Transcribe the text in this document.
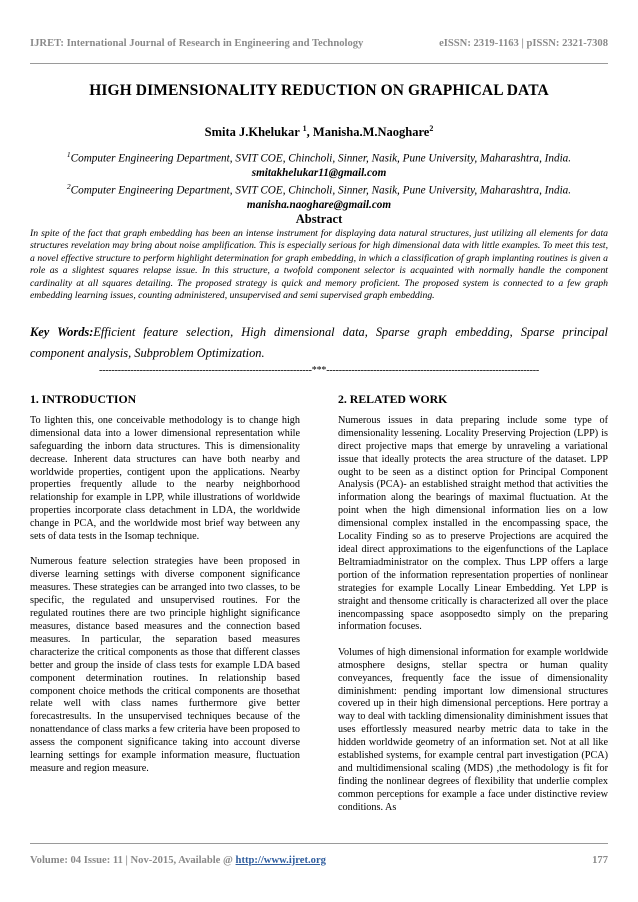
IJRET: International Journal of Research in Engineering and Technology	eISSN: 2319-1163 | pISSN: 2321-7308
HIGH DIMENSIONALITY REDUCTION ON GRAPHICAL DATA
Smita J.Khelukar $^1$, Manisha.M.Naoghare$^2$
$^1$Computer Engineering Department, SVIT COE, Chincholi, Sinner, Nasik, Pune University, Maharashtra, India.
smitakhelukar11@gmail.com
$^2$Computer Engineering Department, SVIT COE, Chincholi, Sinner, Nasik, Pune University, Maharashtra, India.
manisha.naoghare@gmail.com
Abstract
In spite of the fact that graph embedding has been an intense instrument for displaying data natural structures, just utilizing all elements for data structures revelation may bring about noise amplification. This is especially serious for high dimensional data with little examples. To meet this test, a novel effective structure to perform highlight determination for graph embedding, in which a classification of graph implanting routines is given a role as a slightest squares relapse issue. In this structure, a twofold component selector is acquainted with normally handle the component cardinality at all squares detailing. The proposed strategy is quick and memory proficient. The proposed system is connected to a few graph embedding learning issues, counting administered, unsupervised and semi supervised graph embedding.
Key Words:Efficient feature selection, High dimensional data, Sparse graph embedding, Sparse principal component analysis, Subproblem Optimization.
--------------------------------------------------------------------***--------------------------------------------------------------------
1. INTRODUCTION

To lighten this, one conceivable methodology is to change high dimensional data into a lower dimensional representation while safeguarding the inborn data structures. This is dimensionality decrease. Inherent data structures can have both nearby and worldwide properties, contigent upon the applications. Nearby properties frequently allude to the nearby neighborhood relationship for example in LPP, while illustrations of worldwide properties incorporate class detachment in LDA, the worldwide change in PCA, and the worldwide most brief way between any sets of data tests in the Isomap technique.

Numerous feature selection strategies have been proposed in diverse learning settings with diverse component significance measures. These strategies can be arranged into two classes, to be specific, the regulated and unsupervised routines. For the regulated routines there are two principle highlight significance measures, distance based measures and the connection based measures. In particular, the separation based measures characterize the critical components as those that different classes better and group the inside of class tests for example LDA based component determination routines. In relationship based component choice methods the critical components are thosethat relate well with class names furthermore give better forecastresults. In the unsupervised techniques because of the nonattendance of class marks a few criteria have been proposed to assess the component significance taking into account diverse learning settings for example information measure, fluctuation measure and region measure.

2. RELATED WORK

Numerous issues in data preparing include some type of dimensionality lessening. Locality Preserving Projection (LPP) is direct projective maps that emerge by unraveling a variational issue that ideally protects the area structure of the dataset. LPP ought to be seen as a distinct option for Principal Component Analysis (PCA)- an established straight method that activities the information along the bearings of maximal fluctuation. At the point when the high dimensional information lies on a low dimensional complex installed in the encompassing space, the Locality Finding so as to preserve Projections are acquired the ideal direct approximations to the eigenfunctions of the Laplace Beltramiadministrator on the complex. Thus LPP offers a large portion of the information representation properties of nonlinear strategies for example Locally Linear Embedding. Yet LPP is straight and thensome critically is characterized all over the place inencompassing space asopposedto simply on the preparing information focuses.

Volumes of high dimensional information for example worldwide atmosphere designs, stellar spectra or human quality conveyances, frequently face the issue of dimensionality diminishment: pending important low dimensional structures covered up in their high dimensional perceptions. Here portray a way to deal with tackling dimensionality diminishment issues that uses effortlessly measured nearby metric data to take in the hidden worldwide geometry of an information set. Not at all like established systems, for example central part investigation (PCA) and multidimensional scaling (MDS) ,the methodology is fit for finding the nonlinear degrees of flexibility that underlie complex common perceptions for example a face under distinctive review conditions. As

Volume: 04 Issue: 11 | Nov-2015, Available @ http://www.ijret.org	177
